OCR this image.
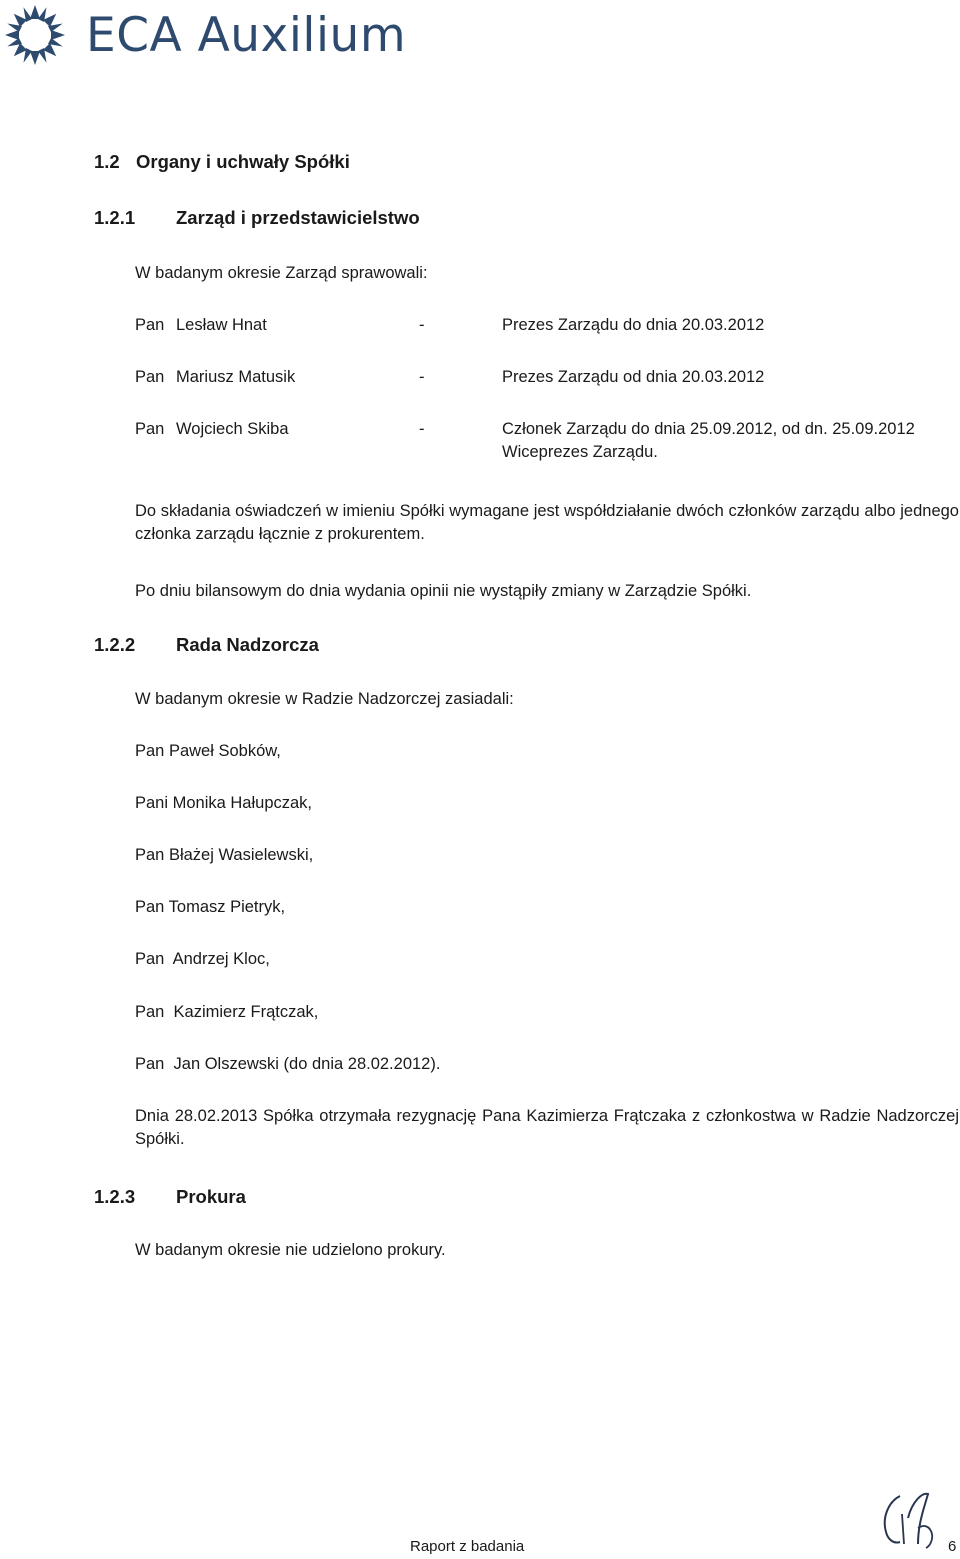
ECA Auxilium
1.2 Organy i uchwały Spółki
1.2.1 Zarząd i przedstawicielstwo
W badanym okresie Zarząd sprawowali:
Pan Lesław Hnat	-	Prezes Zarządu do dnia 20.03.2012
Pan Mariusz Matusik	-	Prezes Zarządu od dnia 20.03.2012
Pan Wojciech Skiba	-	Członek Zarządu do dnia 25.09.2012, od dn. 25.09.2012
Wiceprezes Zarządu.
Do składania oświadczeń w imieniu Spółki wymagane jest współdziałanie dwóch członków zarządu albo jednego członka zarządu łącznie z prokurentem.
Po dniu bilansowym do dnia wydania opinii nie wystąpiły zmiany w Zarządzie Spółki.
1.2.2 Rada Nadzorcza
W badanym okresie w Radzie Nadzorczej zasiadali:
Pan Paweł Sobków,
Pani Monika Hałupczak,
Pan Błażej Wasielewski,
Pan Tomasz Pietryk,
Pan  Andrzej Kloc,
Pan  Kazimierz Frątczak,
Pan  Jan Olszewski (do dnia 28.02.2012).
Dnia 28.02.2013 Spółka otrzymała rezygnację Pana Kazimierza Frątczaka z członkostwa w Radzie Nadzorczej Spółki.
1.2.3 Prokura
W badanym okresie nie udzielono prokury.
Raport z badania	6
